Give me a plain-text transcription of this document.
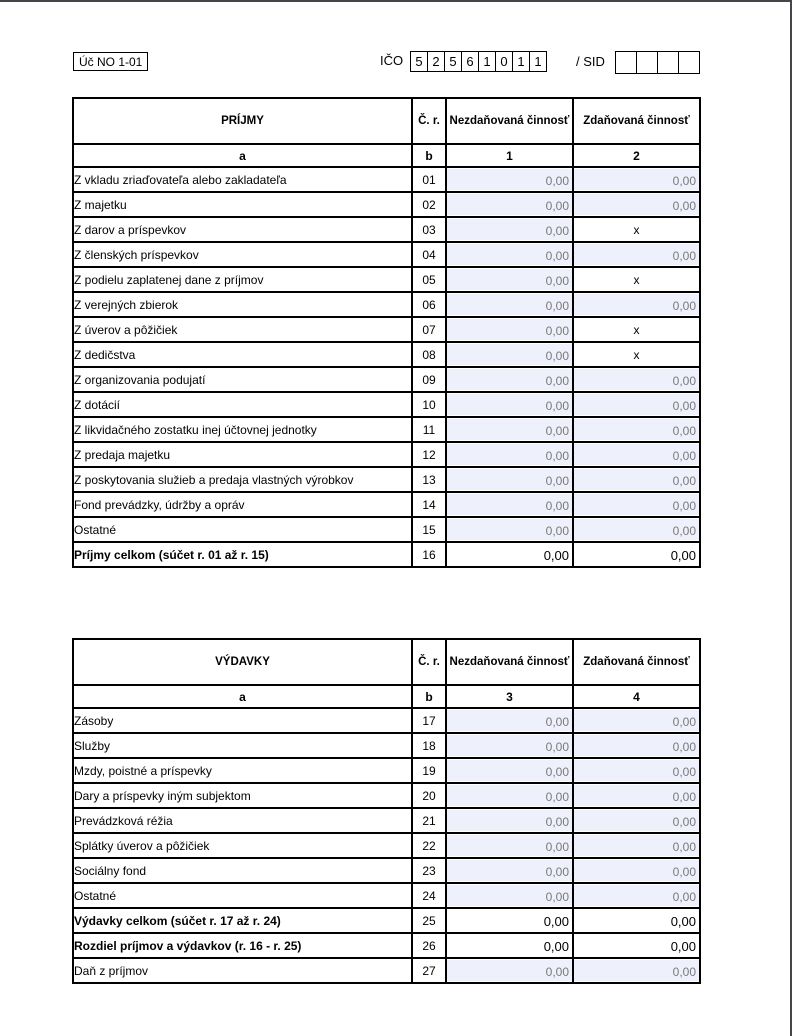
Úč NO 1-01	IČO 5 2 5 6 1 0 1 1	/ SID
PRÍJMY	Č. r.	Nezdaňovaná činnosť	Zdaňovaná činnosť
a	b	1	2
Z vkladu zriaďovateľa alebo zakladateľa	01	0,00	0,00

Z majetku	02	0,00	0,00

Z darov a príspevkov	03	0,00	x
Z členských príspevkov	04	0,00	0,00

Z podielu zaplatenej dane z príjmov	05	0,00	x
Z verejných zbierok	06	0,00	0,00

Z úverov a pôžičiek	07	0,00	x
Z dedičstva	08	0,00	x
Z organizovania podujatí	09	0,00	0,00

Z dotácií	10	0,00	0,00

Z likvidačného zostatku inej účtovnej jednotky	11	0,00	0,00

Z predaja majetku	12	0,00	0,00

Z poskytovania služieb a predaja vlastných výrobkov	13	0,00	0,00

Fond prevádzky, údržby a opráv	14	0,00	0,00

Ostatné	15	0,00	0,00

Príjmy celkom (súčet r. 01 až r. 15)	16	0,00	0,00
VÝDAVKY	Č. r.	Nezdaňovaná činnosť	Zdaňovaná činnosť
a	b	3	4
Zásoby	17	0,00	0,00

Služby	18	0,00	0,00

Mzdy, poistné a príspevky	19	0,00	0,00

Dary a príspevky iným subjektom	20	0,00	0,00

Prevádzková réžia	21	0,00	0,00

Splátky úverov a pôžičiek	22	0,00	0,00

Sociálny fond	23	0,00	0,00

Ostatné	24	0,00	0,00

Výdavky celkom (súčet r. 17 až r. 24)	25	0,00	0,00

Rozdiel príjmov a výdavkov (r. 16 - r. 25)	26	0,00	0,00

Daň z príjmov	27	0,00	0,00
